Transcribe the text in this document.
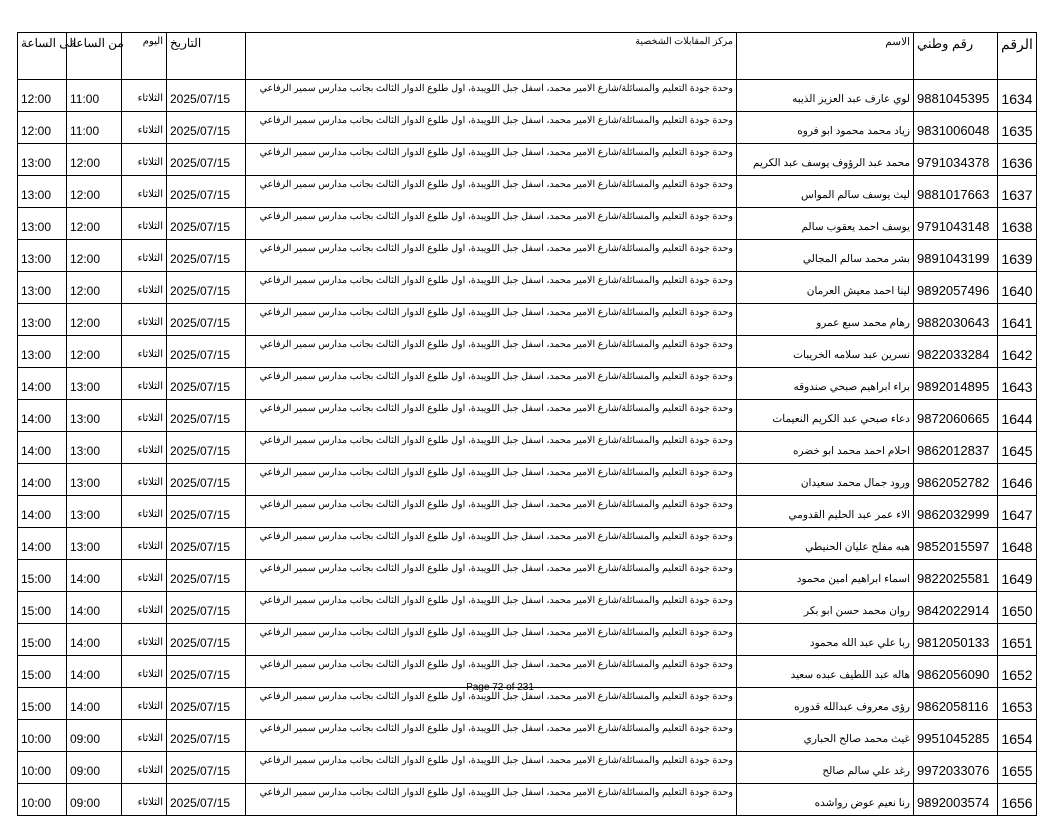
الرقم	رقم وطني	الاسم	مركز المقابلات الشخصية	التاريخ	اليوم	من الساعة	الى الساعة
1634	9881045395	لوي عارف عبد العزيز الذيبه	وحدة جودة التعليم والمسائلة/شارع الامير محمد، اسفل جبل اللويبدة، اول طلوع الدوار الثالث بجانب مدارس سمير الرفاعي	2025/07/15	الثلاثاء	11:00	12:00
1635	9831006048	زياد محمد محمود ابو فروه	وحدة جودة التعليم والمسائلة/شارع الامير محمد، اسفل جبل اللويبدة، اول طلوع الدوار الثالث بجانب مدارس سمير الرفاعي	2025/07/15	الثلاثاء	11:00	12:00
1636	9791034378	محمد عبد الرؤوف يوسف عبد الكريم	وحدة جودة التعليم والمسائلة/شارع الامير محمد، اسفل جبل اللويبدة، اول طلوع الدوار الثالث بجانب مدارس سمير الرفاعي	2025/07/15	الثلاثاء	12:00	13:00
1637	9881017663	ليث يوسف سالم المواس	وحدة جودة التعليم والمسائلة/شارع الامير محمد، اسفل جبل اللويبدة، اول طلوع الدوار الثالث بجانب مدارس سمير الرفاعي	2025/07/15	الثلاثاء	12:00	13:00
1638	9791043148	يوسف احمد يعقوب سالم	وحدة جودة التعليم والمسائلة/شارع الامير محمد، اسفل جبل اللويبدة، اول طلوع الدوار الثالث بجانب مدارس سمير الرفاعي	2025/07/15	الثلاثاء	12:00	13:00
1639	9891043199	بشر محمد سالم المجالي	وحدة جودة التعليم والمسائلة/شارع الامير محمد، اسفل جبل اللويبدة، اول طلوع الدوار الثالث بجانب مدارس سمير الرفاعي	2025/07/15	الثلاثاء	12:00	13:00
1640	9892057496	لينا احمد معيش العرمان	وحدة جودة التعليم والمسائلة/شارع الامير محمد، اسفل جبل اللويبدة، اول طلوع الدوار الثالث بجانب مدارس سمير الرفاعي	2025/07/15	الثلاثاء	12:00	13:00
1641	9882030643	رهام محمد سبع عمرو	وحدة جودة التعليم والمسائلة/شارع الامير محمد، اسفل جبل اللويبدة، اول طلوع الدوار الثالث بجانب مدارس سمير الرفاعي	2025/07/15	الثلاثاء	12:00	13:00
1642	9822033284	نسرين عبد سلامه الخريبات	وحدة جودة التعليم والمسائلة/شارع الامير محمد، اسفل جبل اللويبدة، اول طلوع الدوار الثالث بجانب مدارس سمير الرفاعي	2025/07/15	الثلاثاء	12:00	13:00
1643	9892014895	براء ابراهيم صبحي صندوقه	وحدة جودة التعليم والمسائلة/شارع الامير محمد، اسفل جبل اللويبدة، اول طلوع الدوار الثالث بجانب مدارس سمير الرفاعي	2025/07/15	الثلاثاء	13:00	14:00
1644	9872060665	دعاء صبحي عبد الكريم النعيمات	وحدة جودة التعليم والمسائلة/شارع الامير محمد، اسفل جبل اللويبدة، اول طلوع الدوار الثالث بجانب مدارس سمير الرفاعي	2025/07/15	الثلاثاء	13:00	14:00
1645	9862012837	احلام احمد محمد ابو خضره	وحدة جودة التعليم والمسائلة/شارع الامير محمد، اسفل جبل اللويبدة، اول طلوع الدوار الثالث بجانب مدارس سمير الرفاعي	2025/07/15	الثلاثاء	13:00	14:00
1646	9862052782	ورود جمال محمد سعيدان	وحدة جودة التعليم والمسائلة/شارع الامير محمد، اسفل جبل اللويبدة، اول طلوع الدوار الثالث بجانب مدارس سمير الرفاعي	2025/07/15	الثلاثاء	13:00	14:00
1647	9862032999	الاء عمر عبد الحليم القدومي	وحدة جودة التعليم والمسائلة/شارع الامير محمد، اسفل جبل اللويبدة، اول طلوع الدوار الثالث بجانب مدارس سمير الرفاعي	2025/07/15	الثلاثاء	13:00	14:00
1648	9852015597	هبه مفلح عليان الحنيطي	وحدة جودة التعليم والمسائلة/شارع الامير محمد، اسفل جبل اللويبدة، اول طلوع الدوار الثالث بجانب مدارس سمير الرفاعي	2025/07/15	الثلاثاء	13:00	14:00
1649	9822025581	اسماء ابراهيم امين محمود	وحدة جودة التعليم والمسائلة/شارع الامير محمد، اسفل جبل اللويبدة، اول طلوع الدوار الثالث بجانب مدارس سمير الرفاعي	2025/07/15	الثلاثاء	14:00	15:00
1650	9842022914	روان محمد حسن ابو بكر	وحدة جودة التعليم والمسائلة/شارع الامير محمد، اسفل جبل اللويبدة، اول طلوع الدوار الثالث بجانب مدارس سمير الرفاعي	2025/07/15	الثلاثاء	14:00	15:00
1651	9812050133	ربا علي عبد الله محمود	وحدة جودة التعليم والمسائلة/شارع الامير محمد، اسفل جبل اللويبدة، اول طلوع الدوار الثالث بجانب مدارس سمير الرفاعي	2025/07/15	الثلاثاء	14:00	15:00
1652	9862056090	هاله عبد اللطيف عبده سعيد	وحدة جودة التعليم والمسائلة/شارع الامير محمد، اسفل جبل اللويبدة، اول طلوع الدوار الثالث بجانب مدارس سمير الرفاعي	2025/07/15	الثلاثاء	14:00	15:00
1653	9862058116	رؤى معروف عبدالله قدوره	وحدة جودة التعليم والمسائلة/شارع الامير محمد، اسفل جبل اللويبدة، اول طلوع الدوار الثالث بجانب مدارس سمير الرفاعي	2025/07/15	الثلاثاء	14:00	15:00
1654	9951045285	غيث محمد صالح الحباري	وحدة جودة التعليم والمسائلة/شارع الامير محمد، اسفل جبل اللويبدة، اول طلوع الدوار الثالث بجانب مدارس سمير الرفاعي	2025/07/15	الثلاثاء	09:00	10:00
1655	9972033076	رغد علي سالم صالح	وحدة جودة التعليم والمسائلة/شارع الامير محمد، اسفل جبل اللويبدة، اول طلوع الدوار الثالث بجانب مدارس سمير الرفاعي	2025/07/15	الثلاثاء	09:00	10:00
1656	9892003574	رنا نعيم عوض رواشده	وحدة جودة التعليم والمسائلة/شارع الامير محمد، اسفل جبل اللويبدة، اول طلوع الدوار الثالث بجانب مدارس سمير الرفاعي	2025/07/15	الثلاثاء	09:00	10:00
Page 72 of 231
